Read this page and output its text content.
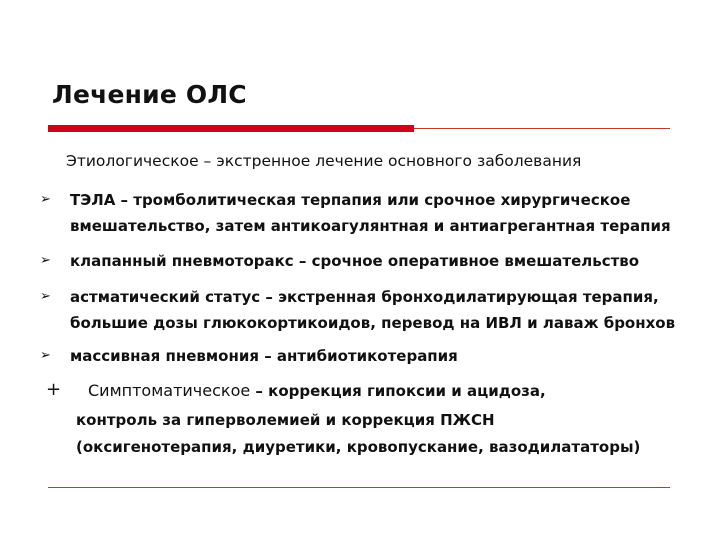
Лечение ОЛС
Этиологическое – экстренное лечение основного заболевания
➢ ТЭЛА – тромболитическая терпапия или срочное хирургическое
вмешательство, затем антикоагулянтная и антиагрегантная терапия
➢ клапанный пневмоторакс – срочное оперативное вмешательство
➢ астматический статус – экстренная бронходилатирующая терапия,
большие дозы глюкокортикоидов, перевод на ИВЛ и лаваж бронхов
➢ массивная пневмония – антибиотикотерапия
+ Симптоматическое – коррекция гипоксии и ацидоза,
контроль за гиперволемией и коррекция ПЖСН
(оксигенотерапия, диуретики, кровопускание, вазодилататоры)
